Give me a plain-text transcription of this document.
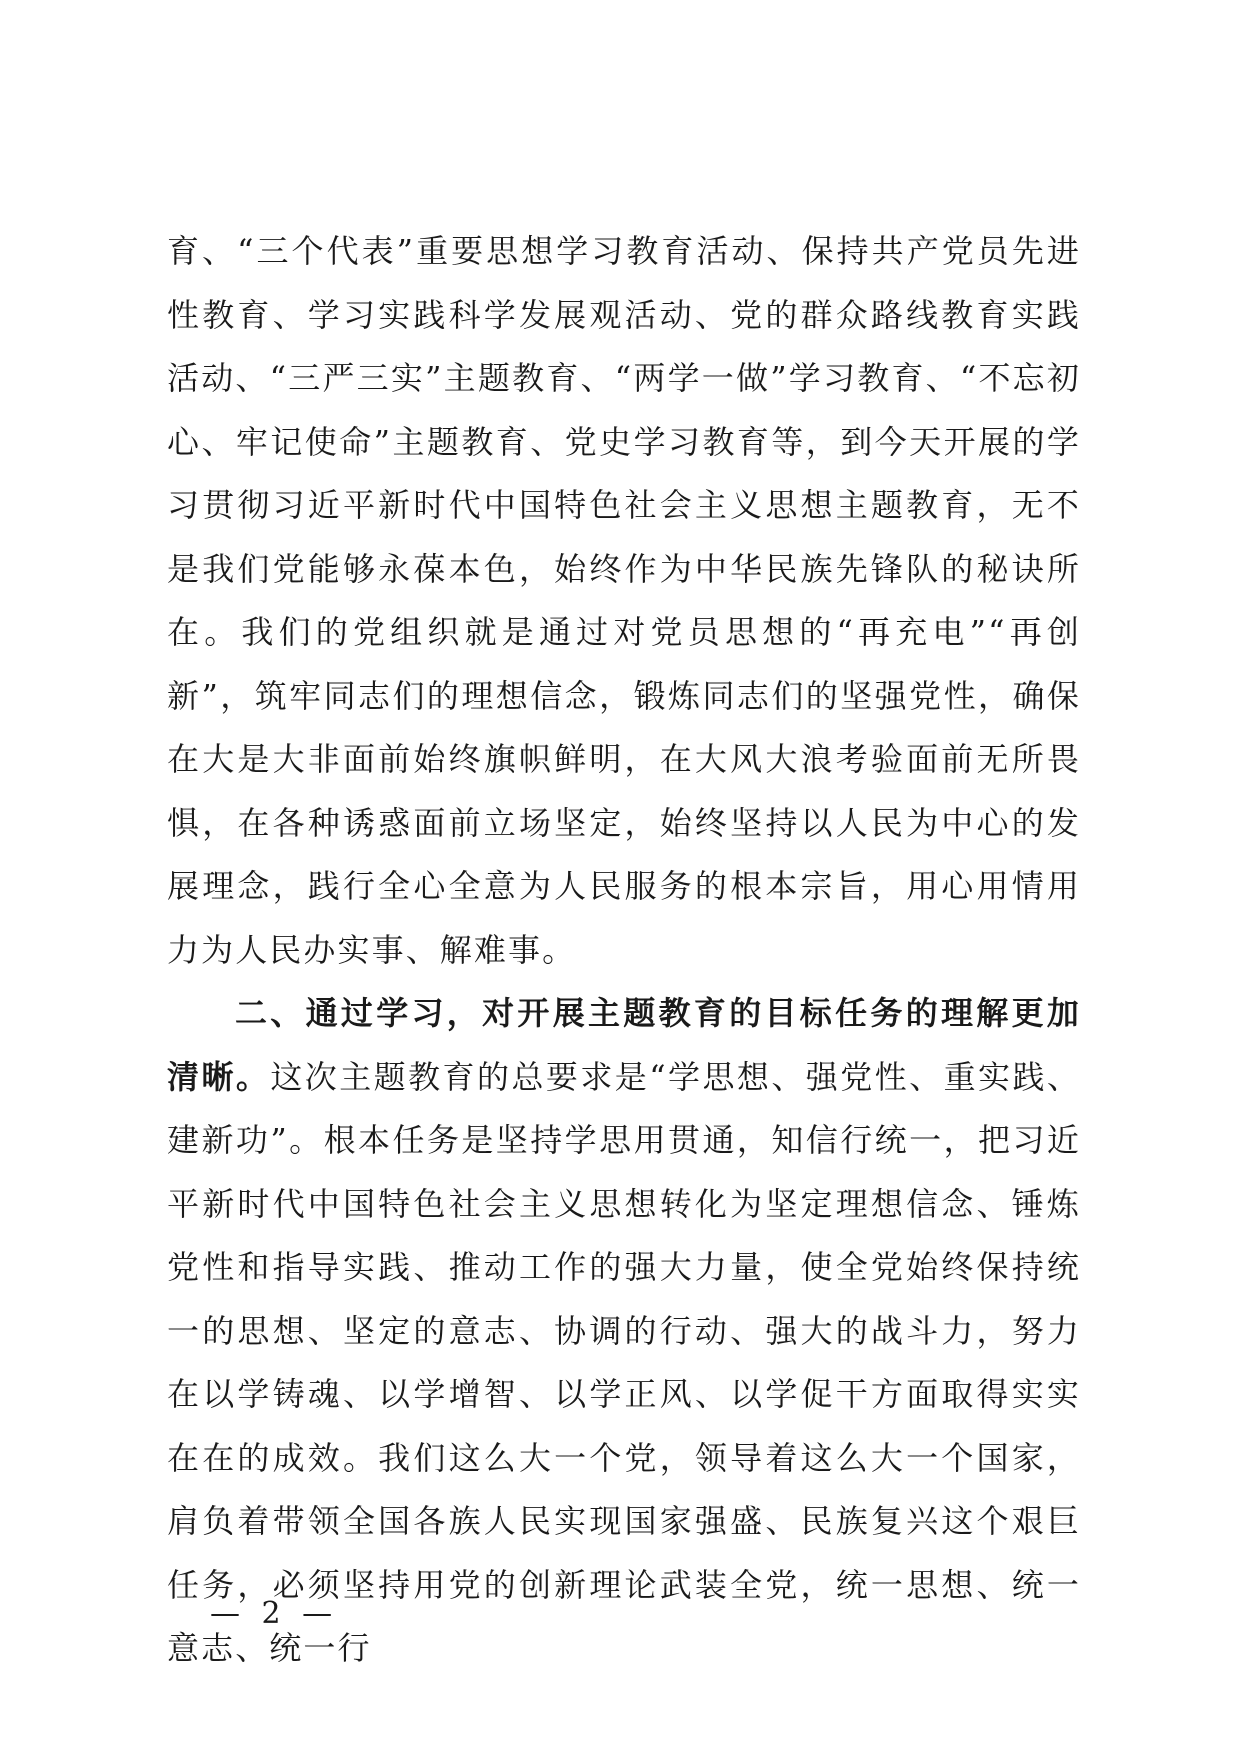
育、“三个代表”重要思想学习教育活动、保持共产党员先进性教育、学习实践科学发展观活动、党的群众路线教育实践活动、“三严三实”主题教育、“两学一做”学习教育、“不忘初心、牢记使命”主题教育、党史学习教育等，到今天开展的学习贯彻习近平新时代中国特色社会主义思想主题教育，无不是我们党能够永葆本色，始终作为中华民族先锋队的秘诀所在。我们的党组织就是通过对党员思想的“再充电”“再创新”，筑牢同志们的理想信念，锻炼同志们的坚强党性，确保在大是大非面前始终旗帜鲜明，在大风大浪考验面前无所畏惧，在各种诱惑面前立场坚定，始终坚持以人民为中心的发展理念，践行全心全意为人民服务的根本宗旨，用心用情用力为人民办实事、解难事。

二、通过学习，对开展主题教育的目标任务的理解更加清晰。这次主题教育的总要求是“学思想、强党性、重实践、建新功”。根本任务是坚持学思用贯通，知信行统一，把习近平新时代中国特色社会主义思想转化为坚定理想信念、锤炼党性和指导实践、推动工作的强大力量，使全党始终保持统一的思想、坚定的意志、协调的行动、强大的战斗力，努力在以学铸魂、以学增智、以学正风、以学促干方面取得实实在在的成效。我们这么大一个党，领导着这么大一个国家，肩负着带领全国各族人民实现国家强盛、民族复兴这个艰巨任务，必须坚持用党的创新理论武装全党，统一思想、统一意志、统一行

— 2 —
